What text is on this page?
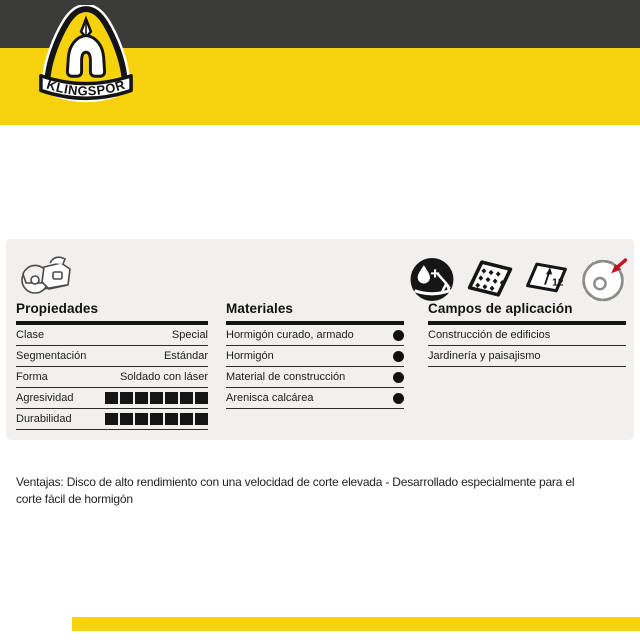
KLINGSPOR
12
Propiedades
Clase	Special
Segmentación	Estándar
Forma	Soldado con láser
Agresividad
Durabilidad
Materiales
Hormigón curado, armado
Hormigón
Material de construcción
Arenisca calcárea
Campos de aplicación
Construcción de edificios
Jardinería y paisajismo

Ventajas: Disco de alto rendimiento con una velocidad de corte elevada - Desarrollado especialmente para el corte fácil de hormigón
